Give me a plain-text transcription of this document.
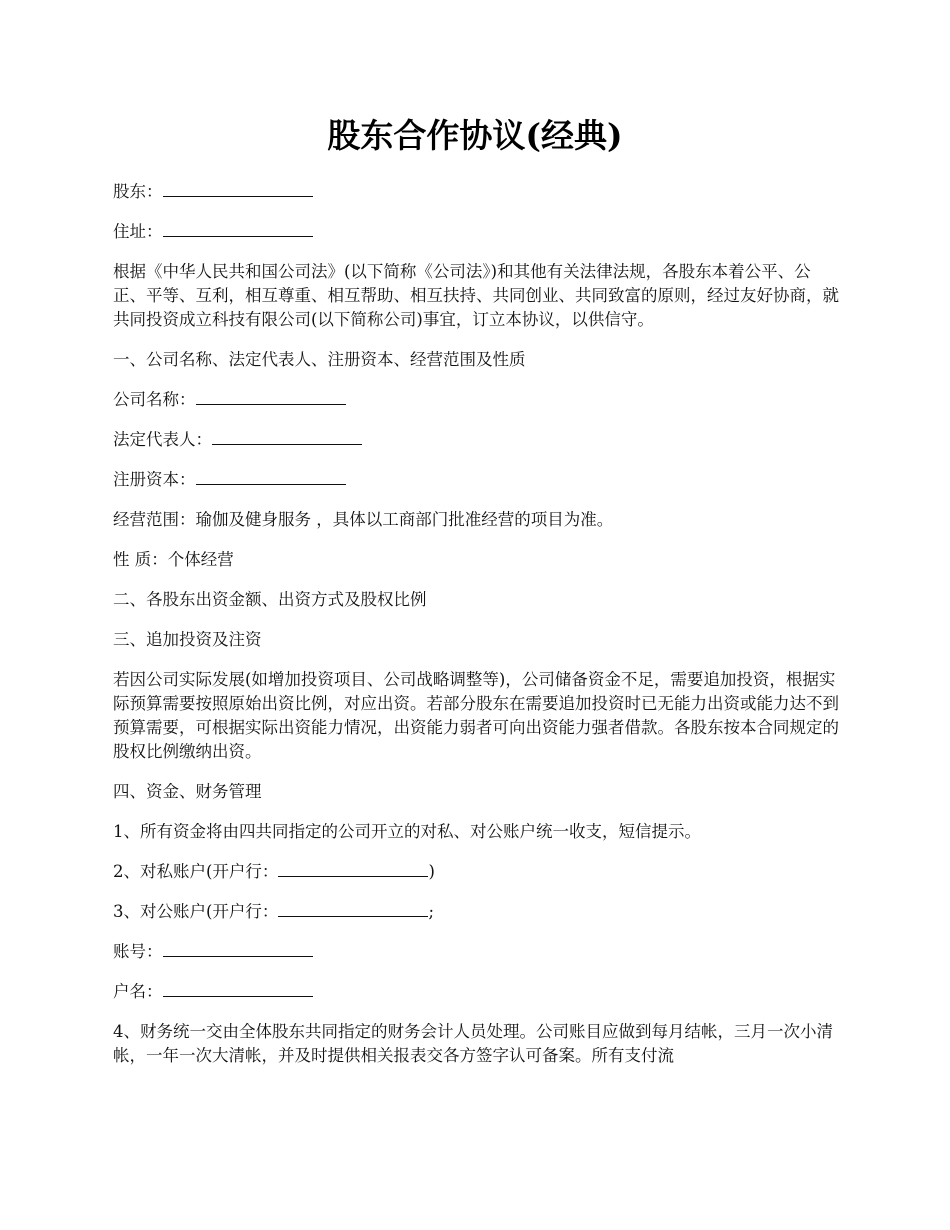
股东合作协议(经典)

股东：

住址：

根据《中华人民共和国公司法》(以下简称《公司法》)和其他有关法律法规，各股东本着公平、公正、平等、互利，相互尊重、相互帮助、相互扶持、共同创业、共同致富的原则，经过友好协商，就共同投资成立科技有限公司(以下简称公司)事宜，订立本协议，以供信守。

一、公司名称、法定代表人、注册资本、经营范围及性质

公司名称：

法定代表人：

注册资本：

经营范围：瑜伽及健身服务 ，具体以工商部门批准经营的项目为准。

性 质：个体经营

二、各股东出资金额、出资方式及股权比例

三、追加投资及注资

若因公司实际发展(如增加投资项目、公司战略调整等)，公司储备资金不足，需要追加投资，根据实际预算需要按照原始出资比例，对应出资。若部分股东在需要追加投资时已无能力出资或能力达不到预算需要，可根据实际出资能力情况，出资能力弱者可向出资能力强者借款。各股东按本合同规定的股权比例缴纳出资。

四、资金、财务管理

1、所有资金将由四共同指定的公司开立的对私、对公账户统一收支，短信提示。

2、对私账户(开户行：	)

3、对公账户(开户行：	;

账号：

户名：

4、财务统一交由全体股东共同指定的财务会计人员处理。公司账目应做到每月结帐，三月一次小清帐，一年一次大清帐，并及时提供相关报表交各方签字认可备案。所有支付流
